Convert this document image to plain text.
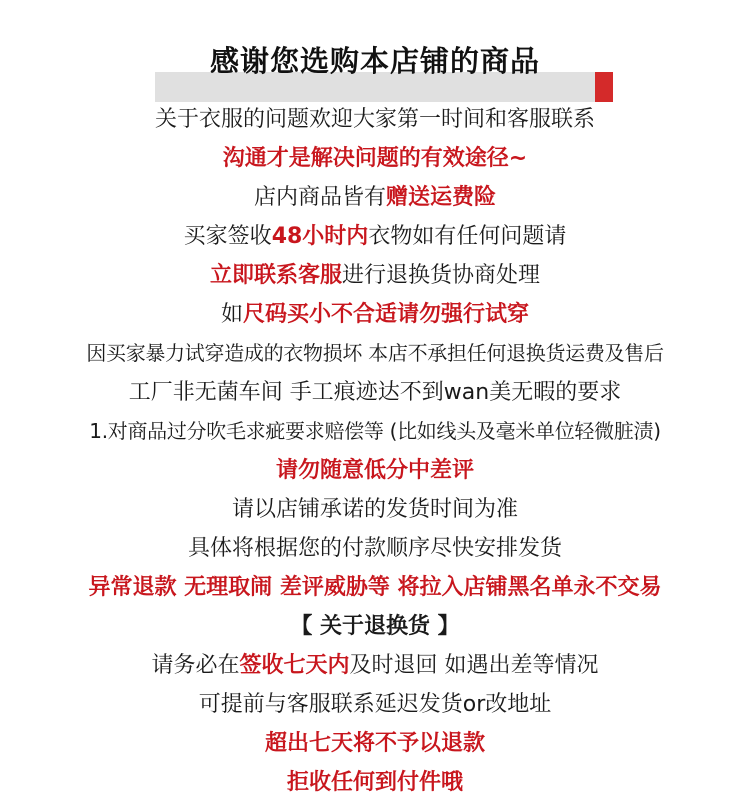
感谢您选购本店铺的商品
关于衣服的问题欢迎大家第一时间和客服联系
沟通才是解决问题的有效途径~
店内商品皆有赠送运费险
买家签收48小时内衣物如有任何问题请
立即联系客服进行退换货协商处理
如尺码买小不合适请勿强行试穿
因买家暴力试穿造成的衣物损坏 本店不承担任何退换货运费及售后
工厂非无菌车间 手工痕迹达不到wan美无暇的要求
1.对商品过分吹毛求疵要求赔偿等 (比如线头及毫米单位轻微脏渍)
请勿随意低分中差评
请以店铺承诺的发货时间为准
具体将根据您的付款顺序尽快安排发货
异常退款 无理取闹 差评威胁等 将拉入店铺黑名单永不交易
【 关于退换货 】
请务必在签收七天内及时退回 如遇出差等情况
可提前与客服联系延迟发货or改地址
超出七天将不予以退款
拒收任何到付件哦
